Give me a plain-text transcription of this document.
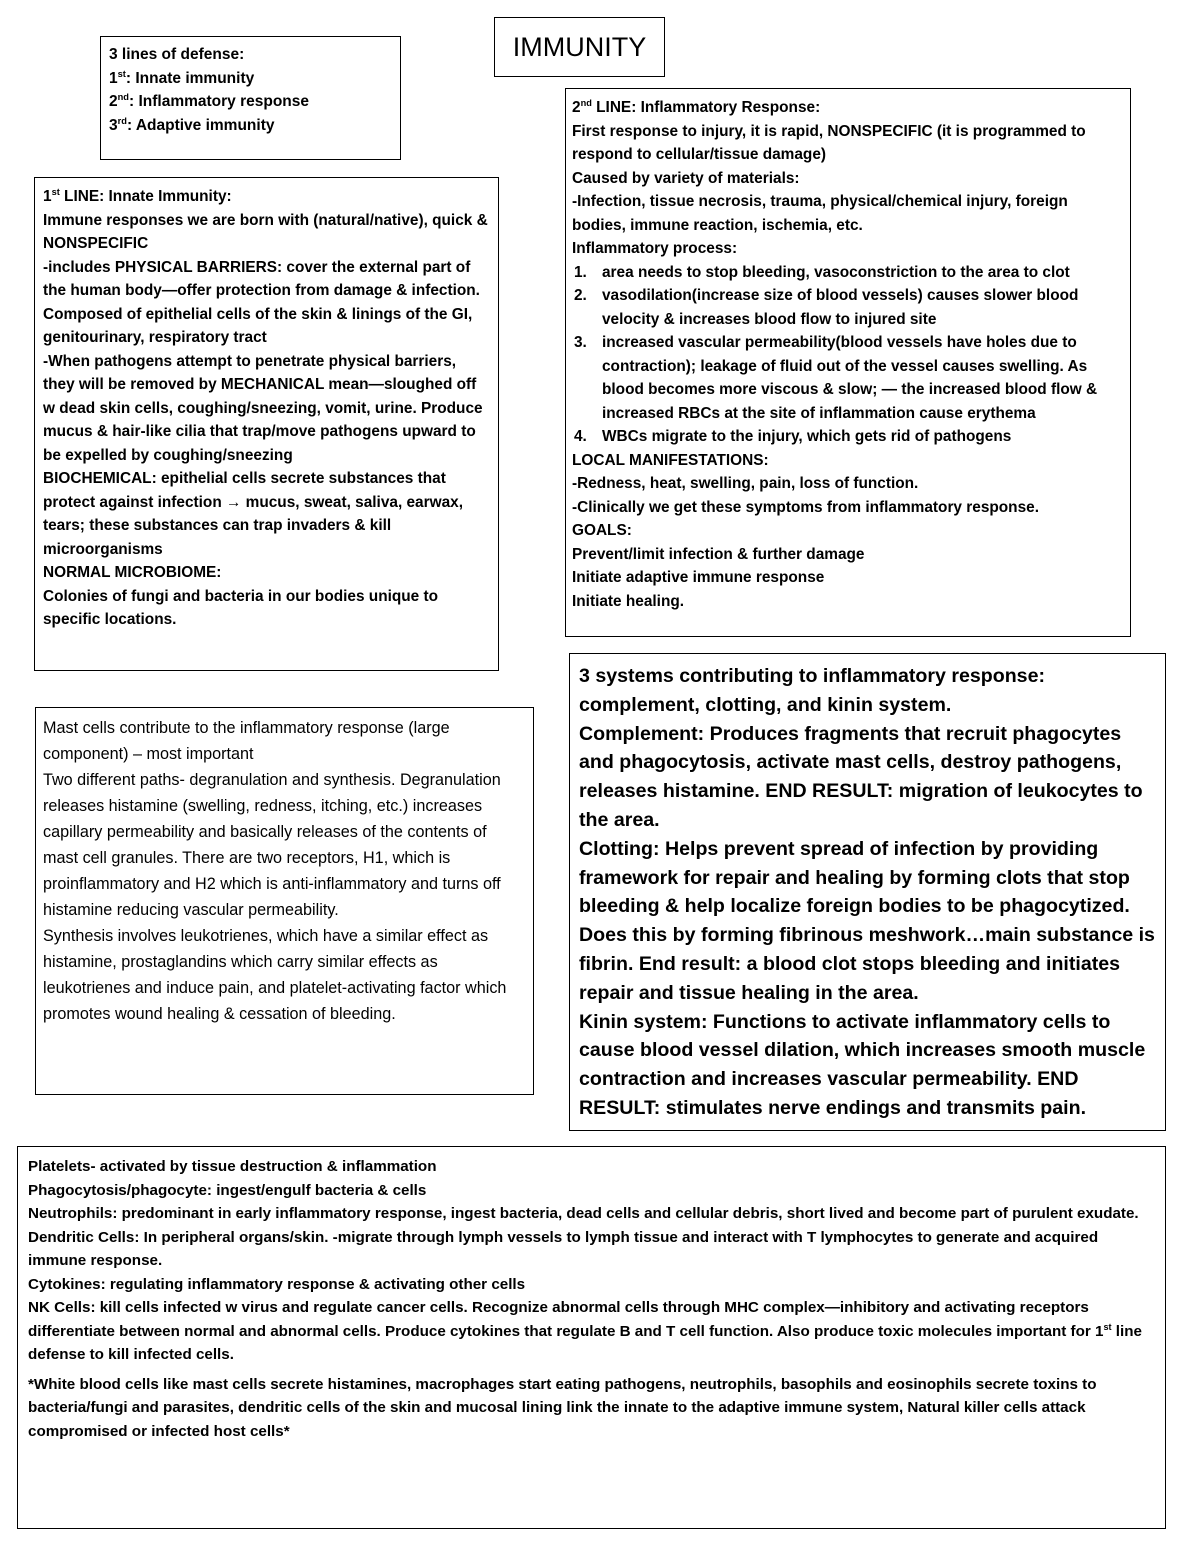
IMMUNITY
3 lines of defense:
1st: Innate immunity
2nd: Inflammatory response
3rd: Adaptive immunity
1st LINE: Innate Immunity:
Immune responses we are born with (natural/native), quick & NONSPECIFIC
-includes PHYSICAL BARRIERS: cover the external part of the human body—offer protection from damage & infection. Composed of epithelial cells of the skin & linings of the GI, genitourinary, respiratory tract
-When pathogens attempt to penetrate physical barriers, they will be removed by MECHANICAL mean—sloughed off w dead skin cells, coughing/sneezing, vomit, urine. Produce mucus & hair-like cilia that trap/move pathogens upward to be expelled by coughing/sneezing
BIOCHEMICAL: epithelial cells secrete substances that protect against infection → mucus, sweat, saliva, earwax, tears; these substances can trap invaders & kill microorganisms
NORMAL MICROBIOME:
Colonies of fungi and bacteria in our bodies unique to specific locations.
2nd LINE: Inflammatory Response:
First response to injury, it is rapid, NONSPECIFIC (it is programmed to respond to cellular/tissue damage)
Caused by variety of materials:
-Infection, tissue necrosis, trauma, physical/chemical injury, foreign bodies, immune reaction, ischemia, etc.
Inflammatory process:
1. area needs to stop bleeding, vasoconstriction to the area to clot
2. vasodilation(increase size of blood vessels) causes slower blood velocity & increases blood flow to injured site
3. increased vascular permeability(blood vessels have holes due to contraction); leakage of fluid out of the vessel causes swelling. As blood becomes more viscous & slow; — the increased blood flow & increased RBCs at the site of inflammation cause erythema
4. WBCs migrate to the injury, which gets rid of pathogens
LOCAL MANIFESTATIONS:
-Redness, heat, swelling, pain, loss of function.
-Clinically we get these symptoms from inflammatory response.
GOALS:
Prevent/limit infection & further damage
Initiate adaptive immune response
Initiate healing.
Mast cells contribute to the inflammatory response (large component) – most important
Two different paths- degranulation and synthesis. Degranulation releases histamine (swelling, redness, itching, etc.) increases capillary permeability and basically releases of the contents of mast cell granules. There are two receptors, H1, which is proinflammatory and H2 which is anti-inflammatory and turns off histamine reducing vascular permeability.
Synthesis involves leukotrienes, which have a similar effect as histamine, prostaglandins which carry similar effects as leukotrienes and induce pain, and platelet-activating factor which promotes wound healing & cessation of bleeding.
3 systems contributing to inflammatory response: complement, clotting, and kinin system.
Complement: Produces fragments that recruit phagocytes and phagocytosis, activate mast cells, destroy pathogens, releases histamine. END RESULT: migration of leukocytes to the area.
Clotting: Helps prevent spread of infection by providing framework for repair and healing by forming clots that stop bleeding & help localize foreign bodies to be phagocytized. Does this by forming fibrinous meshwork…main substance is fibrin. End result: a blood clot stops bleeding and initiates repair and tissue healing in the area.
Kinin system: Functions to activate inflammatory cells to cause blood vessel dilation, which increases smooth muscle contraction and increases vascular permeability. END RESULT: stimulates nerve endings and transmits pain.
Platelets- activated by tissue destruction & inflammation
Phagocytosis/phagocyte: ingest/engulf bacteria & cells
Neutrophils: predominant in early inflammatory response, ingest bacteria, dead cells and cellular debris, short lived and become part of purulent exudate.
Dendritic Cells: In peripheral organs/skin. -migrate through lymph vessels to lymph tissue and interact with T lymphocytes to generate and acquired immune response.
Cytokines: regulating inflammatory response & activating other cells
NK Cells: kill cells infected w virus and regulate cancer cells. Recognize abnormal cells through MHC complex—inhibitory and activating receptors differentiate between normal and abnormal cells. Produce cytokines that regulate B and T cell function. Also produce toxic molecules important for 1st line defense to kill infected cells.
*White blood cells like mast cells secrete histamines, macrophages start eating pathogens, neutrophils, basophils and eosinophils secrete toxins to bacteria/fungi and parasites, dendritic cells of the skin and mucosal lining link the innate to the adaptive immune system, Natural killer cells attack compromised or infected host cells*
